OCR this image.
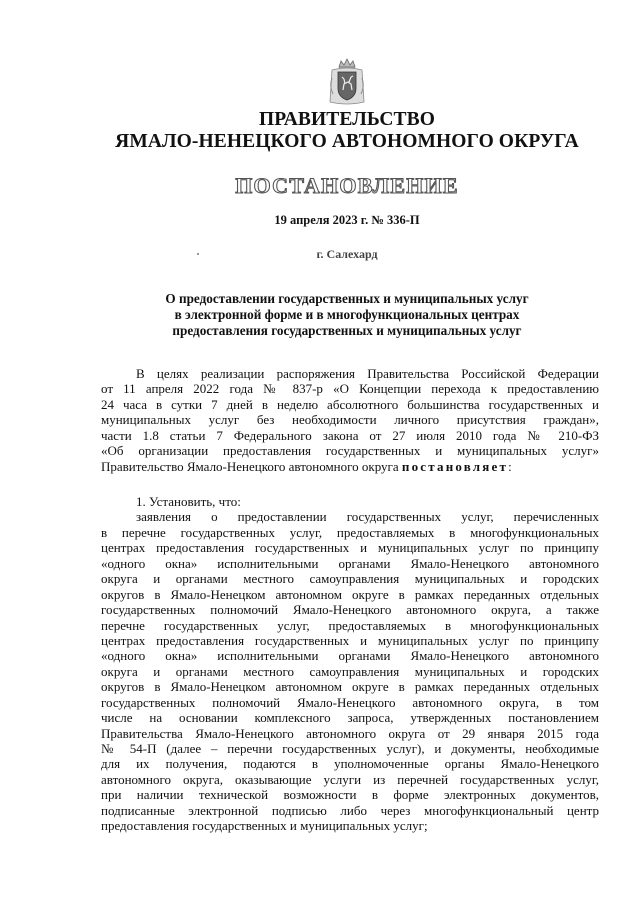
ПРАВИТЕЛЬСТВО
ЯМАЛО-НЕНЕЦКОГО АВТОНОМНОГО ОКРУГА
ПОСТАНОВЛЕНИЕ
19 апреля 2023 г. № 336-П
г. Салехард
О предоставлении государственных и муниципальных услуг
в электронной форме и в многофункциональных центрах
предоставления государственных и муниципальных услуг
В целях реализации распоряжения Правительства Российской Федерации
от 11 апреля 2022 года № 837-р «О Концепции перехода к предоставлению
24 часа в сутки 7 дней в неделю абсолютного большинства государственных и
муниципальных услуг без необходимости личного присутствия граждан»,
части 1.8 статьи 7 Федерального закона от 27 июля 2010 года № 210-ФЗ
«Об организации предоставления государственных и муниципальных услуг»
Правительство Ямало-Ненецкого автономного округа постановляет:
1. Установить, что:
заявления о предоставлении государственных услуг, перечисленных
в перечне государственных услуг, предоставляемых в многофункциональных
центрах предоставления государственных и муниципальных услуг по принципу
«одного окна» исполнительными органами Ямало-Ненецкого автономного
округа и органами местного самоуправления муниципальных и городских
округов в Ямало-Ненецком автономном округе в рамках переданных отдельных
государственных полномочий Ямало-Ненецкого автономного округа, а также
перечне государственных услуг, предоставляемых в многофункциональных
центрах предоставления государственных и муниципальных услуг по принципу
«одного окна» исполнительными органами Ямало-Ненецкого автономного
округа и органами местного самоуправления муниципальных и городских
округов в Ямало-Ненецком автономном округе в рамках переданных отдельных
государственных полномочий Ямало-Ненецкого автономного округа, в том
числе на основании комплексного запроса, утвержденных постановлением
Правительства Ямало-Ненецкого автономного округа от 29 января 2015 года
№ 54-П (далее – перечни государственных услуг), и документы, необходимые
для их получения, подаются в уполномоченные органы Ямало-Ненецкого
автономного округа, оказывающие услуги из перечней государственных услуг,
при наличии технической возможности в форме электронных документов,
подписанные электронной подписью либо через многофункциональный центр
предоставления государственных и муниципальных услуг;
